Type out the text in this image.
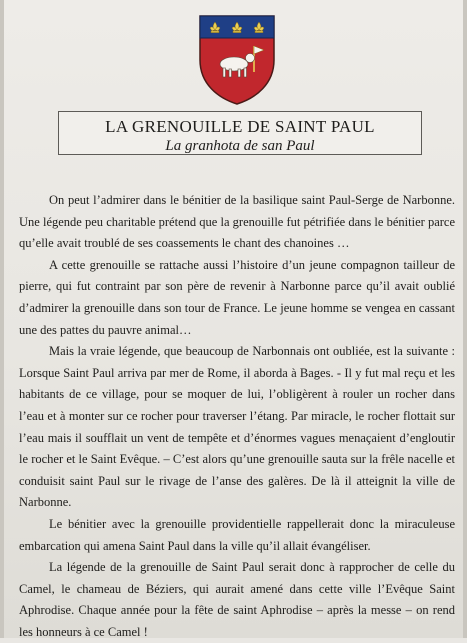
LA GRENOUILLE DE SAINT PAUL

La granhota de san Paul

On peut l’admirer dans le bénitier de la basilique saint Paul-Serge de Narbonne. Une légende peu charitable prétend que la grenouille fut pétrifiée dans le bénitier parce qu’elle avait troublé de ses coassements le chant des chanoines …

A cette grenouille se rattache aussi l’histoire d’un jeune compagnon tailleur de pierre, qui fut contraint par son père de revenir à Narbonne parce qu’il avait oublié d’admirer la grenouille dans son tour de France. Le jeune homme se vengea en cassant une des pattes du pauvre animal…

Mais la vraie légende, que beaucoup de Narbonnais ont oubliée, est la suivante : Lorsque Saint Paul arriva par mer de Rome, il aborda à Bages. - Il y fut mal reçu et les habitants de ce village, pour se moquer de lui, l’obligèrent à rouler un rocher dans l’eau et à monter sur ce rocher pour traverser l’étang. Par miracle, le rocher flottait sur l’eau mais il soufflait un vent de tempête et d’énormes vagues menaçaient d’engloutir le rocher et le Saint Evêque. – C’est alors qu’une grenouille sauta sur la frêle nacelle et conduisit saint Paul sur le rivage de l’anse des galères. De là il atteignit la ville de Narbonne.

Le bénitier avec la grenouille providentielle rappellerait donc la miraculeuse embarcation qui amena Saint Paul dans la ville qu’il allait évangéliser.

La légende de la grenouille de Saint Paul serait donc à rapprocher de celle du Camel, le chameau de Béziers, qui aurait amené dans cette ville l’Evêque Saint Aphrodise. Chaque année pour la fête de saint Aphrodise – après la messe – on rend les honneurs à ce Camel !
